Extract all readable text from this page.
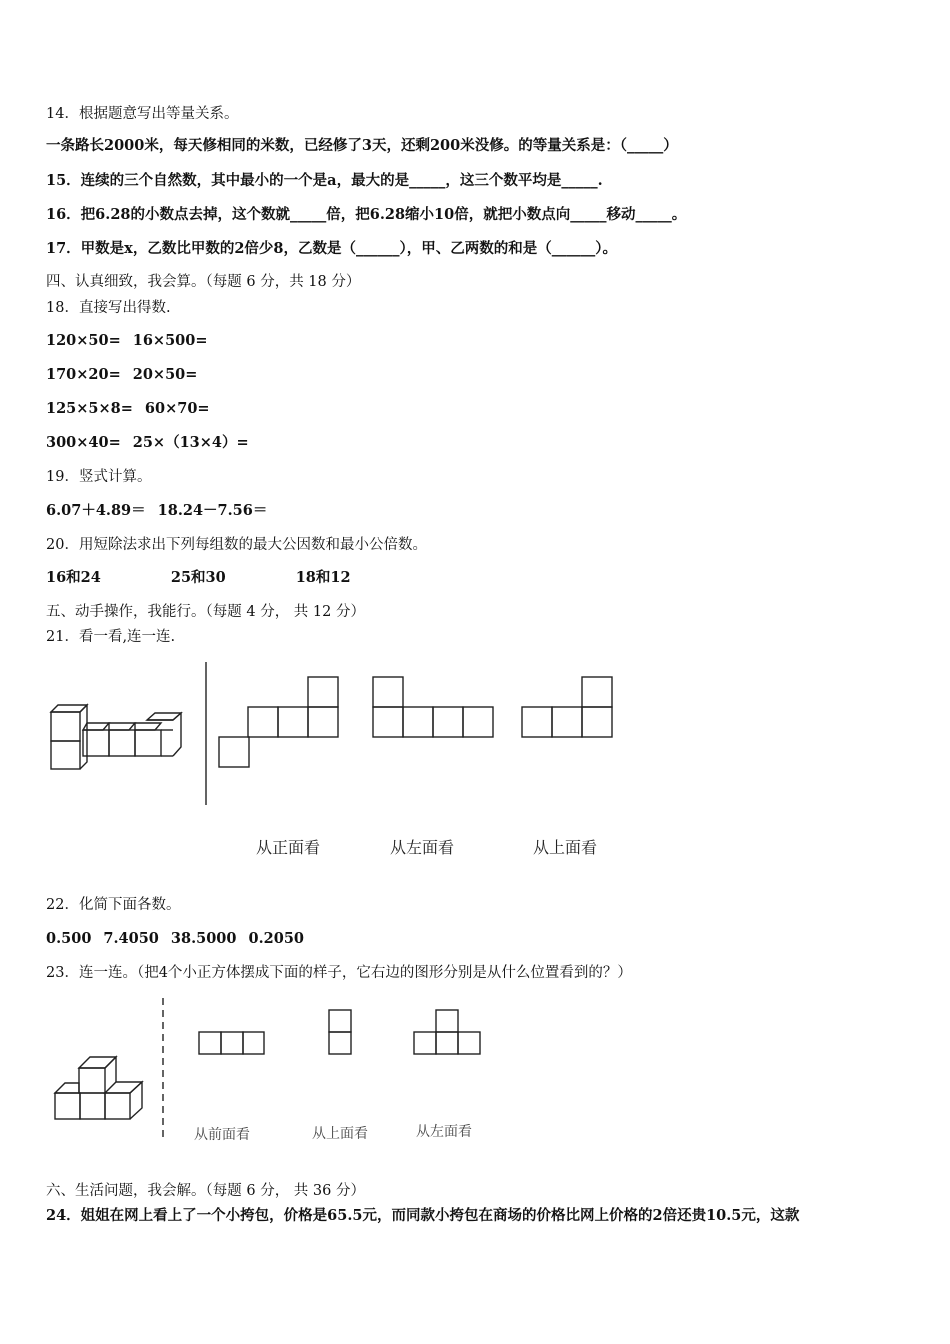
14．根据题意写出等量关系。
一条路长2000米，每天修相同的米数，已经修了3天，还剩200米没修。的等量关系是：（_____）
15．连续的三个自然数，其中最小的一个是a，最大的是_____，这三个数平均是_____.
16．把6.28的小数点去掉，这个数就_____倍，把6.28缩小10倍，就把小数点向_____移动_____。
17．甲数是x，乙数比甲数的2倍少8，乙数是（______），甲、乙两数的和是（______）。
四、认真细致，我会算。（每题 6 分，共 18 分）
18．直接写出得数.
120×50= 16×500=
170×20= 20×50=
125×5×8= 60×70=
300×40= 25×（13×4）=
19．竖式计算。
6.07＋4.89＝ 18.24－7.56＝
20．用短除法求出下列每组数的最大公因数和最小公倍数。
16和24	25和30	18和12
五、动手操作，我能行。（每题 4 分， 共 12 分）
21．看一看,连一连.
从正面看	从左面看	从上面看
22．化简下面各数。
0.500 7.4050 38.5000 0.2050
23．连一连。（把4个小正方体摆成下面的样子，它右边的图形分别是从什么位置看到的？）
从前面看	从上面看	从左面看
六、生活问题，我会解。（每题 6 分， 共 36 分）
24．姐姐在网上看上了一个小挎包，价格是65.5元，而同款小挎包在商场的价格比网上价格的2倍还贵10.5元，这款
